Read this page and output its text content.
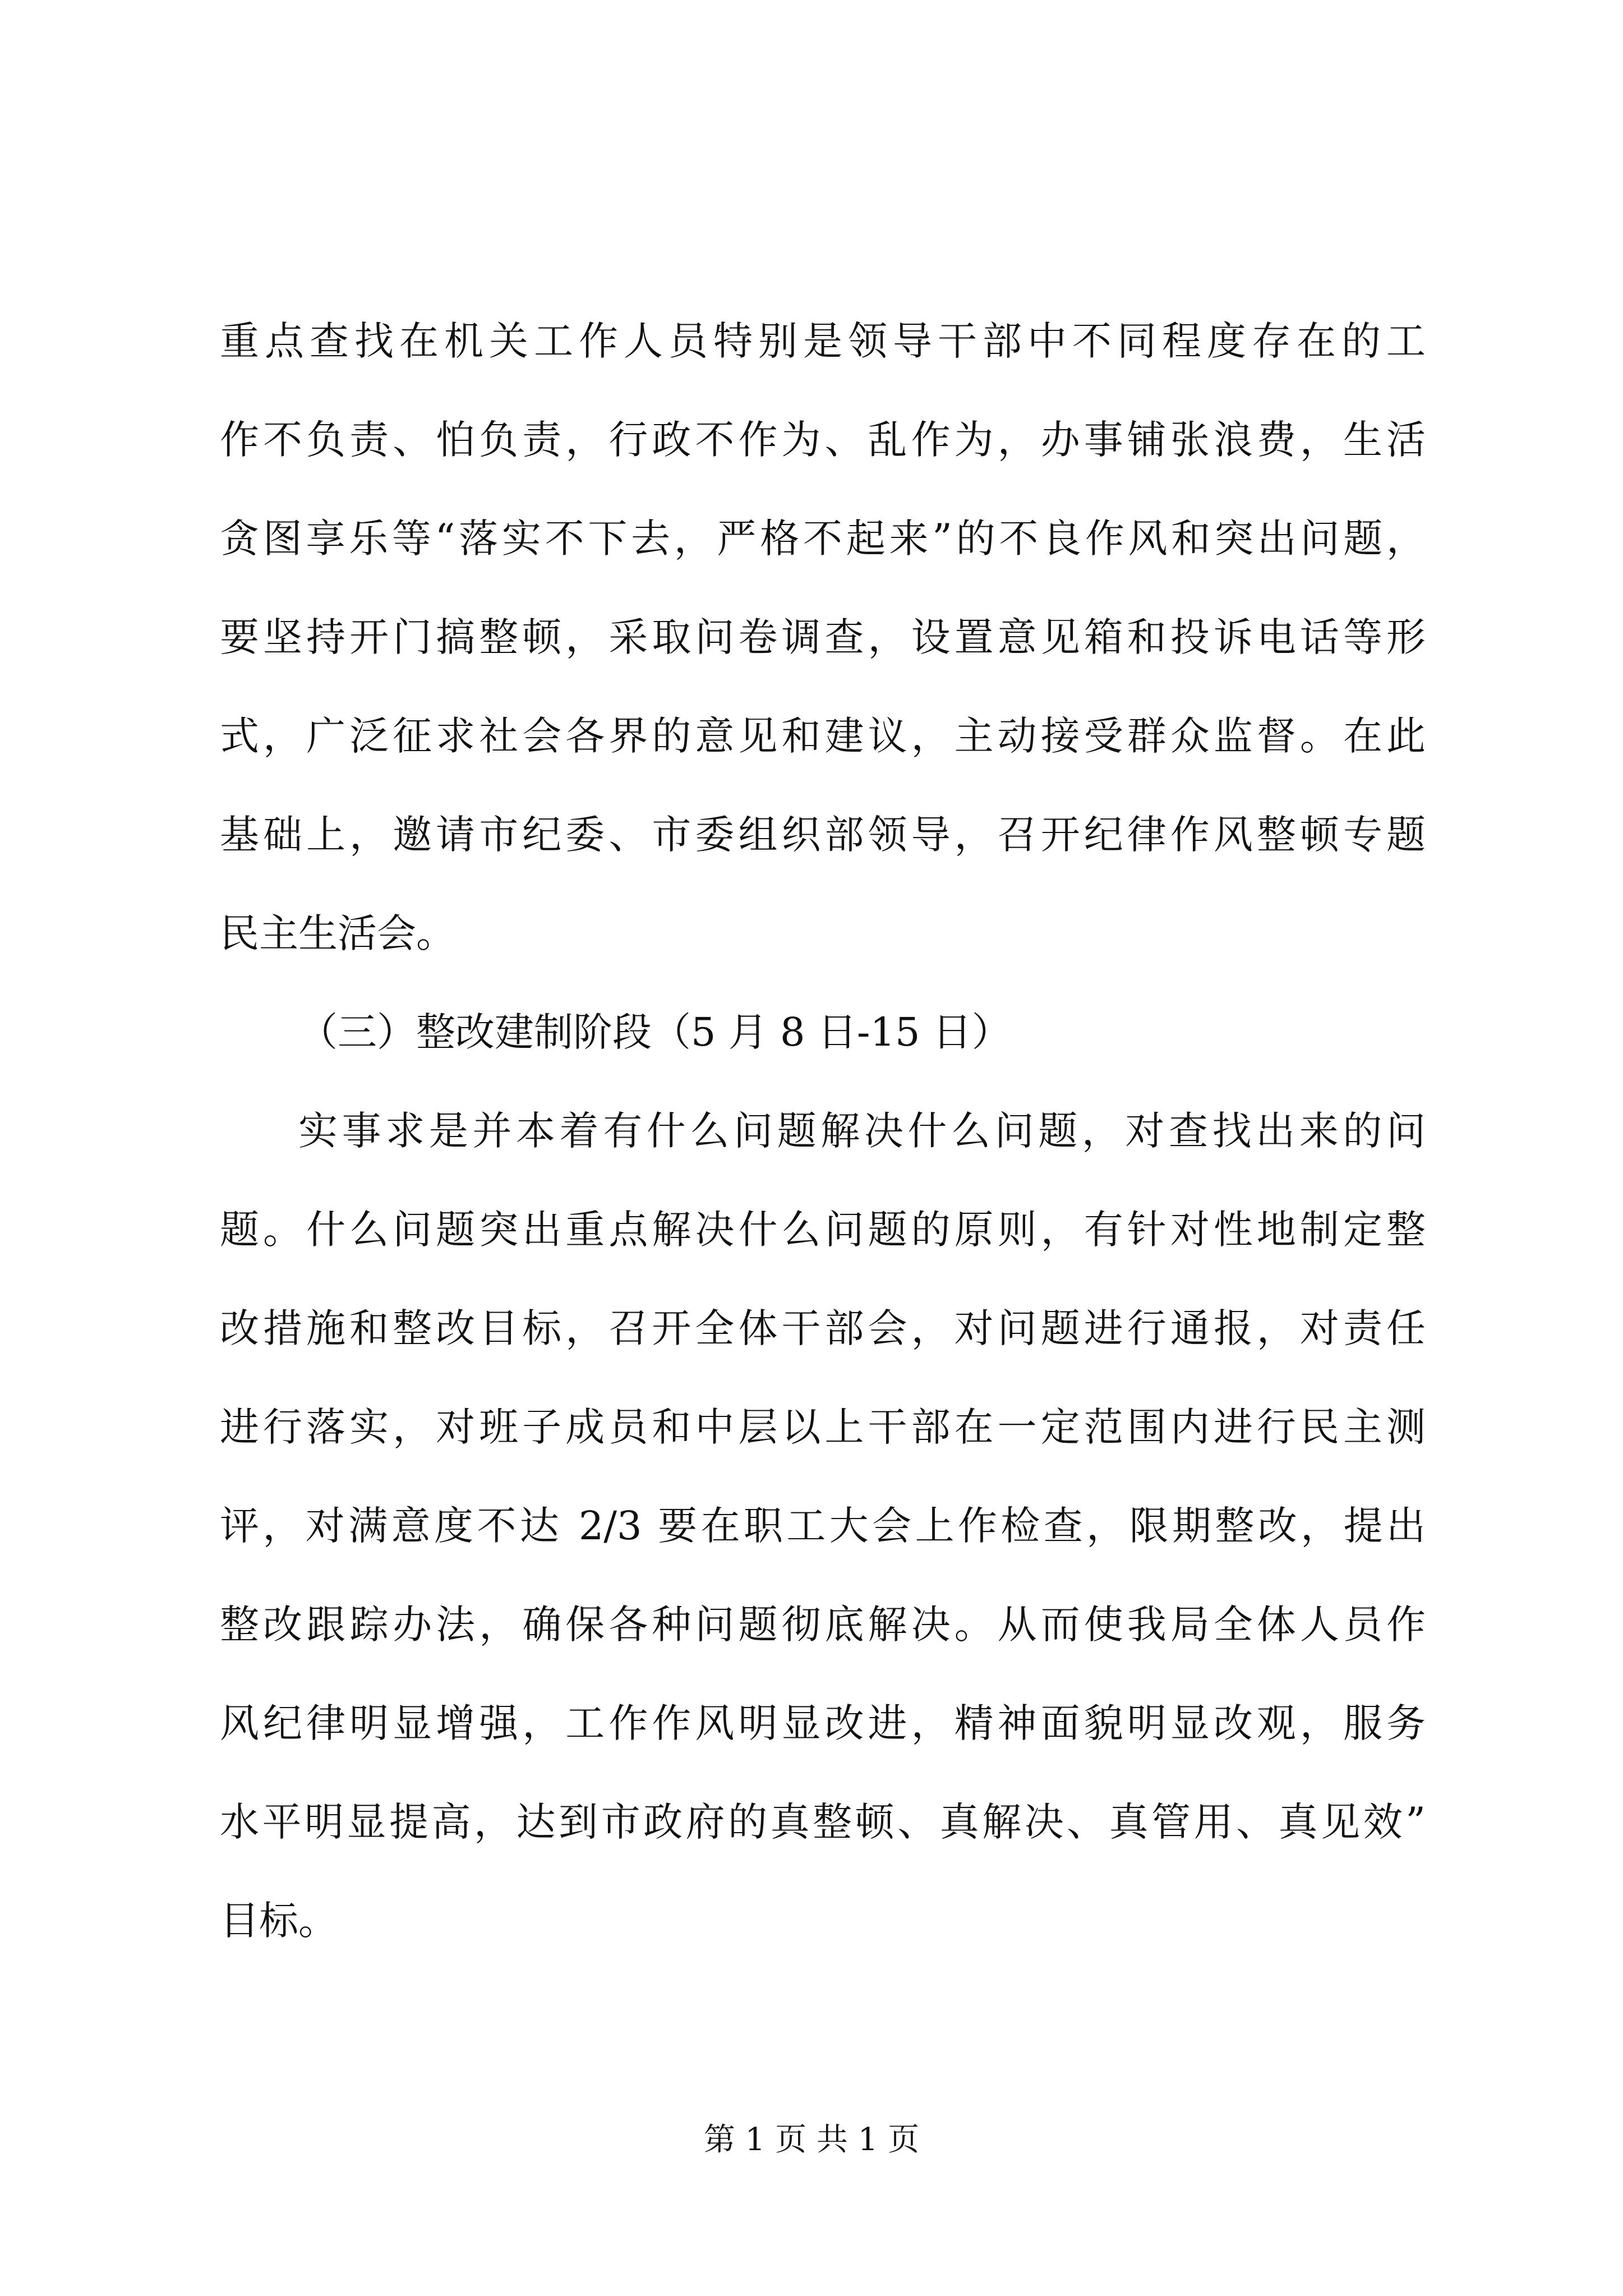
重点查找在机关工作人员特别是领导干部中不同程度存在的工
作不负责、怕负责，行政不作为、乱作为，办事铺张浪费，生活
贪图享乐等“落实不下去，严格不起来”的不良作风和突出问题，
要坚持开门搞整顿，采取问卷调查，设置意见箱和投诉电话等形
式，广泛征求社会各界的意见和建议，主动接受群众监督。在此
基础上，邀请市纪委、市委组织部领导，召开纪律作风整顿专题
民主生活会。
（三）整改建制阶段（5 月 8 日-15 日）
实事求是并本着有什么问题解决什么问题，对查找出来的问
题。什么问题突出重点解决什么问题的原则，有针对性地制定整
改措施和整改目标，召开全体干部会，对问题进行通报，对责任
进行落实，对班子成员和中层以上干部在一定范围内进行民主测
评，对满意度不达 2/3 要在职工大会上作检查，限期整改，提出
整改跟踪办法，确保各种问题彻底解决。从而使我局全体人员作
风纪律明显增强，工作作风明显改进，精神面貌明显改观，服务
水平明显提高，达到市政府的真整顿、真解决、真管用、真见效”
目标。
第 1 页 共 1 页
